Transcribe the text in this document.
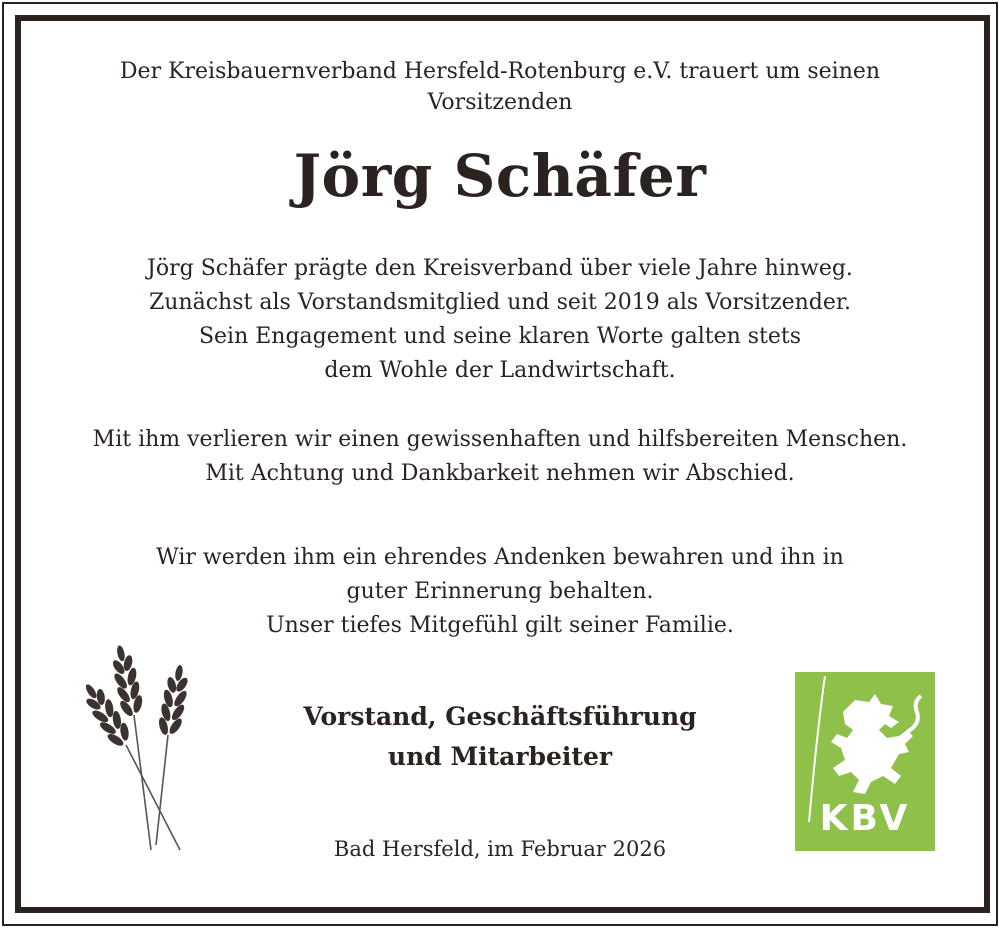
Der Kreisbauernverband Hersfeld-Rotenburg e.V. trauert um seinen
Vorsitzenden
Jörg Schäfer
Jörg Schäfer prägte den Kreisverband über viele Jahre hinweg.
Zunächst als Vorstandsmitglied und seit 2019 als Vorsitzender.
Sein Engagement und seine klaren Worte galten stets
dem Wohle der Landwirtschaft.
Mit ihm verlieren wir einen gewissenhaften und hilfsbereiten Menschen.
Mit Achtung und Dankbarkeit nehmen wir Abschied.
Wir werden ihm ein ehrendes Andenken bewahren und ihn in
guter Erinnerung behalten.
Unser tiefes Mitgefühl gilt seiner Familie.
Vorstand, Geschäftsführung
und Mitarbeiter
KBV
Bad Hersfeld, im Februar 2026
